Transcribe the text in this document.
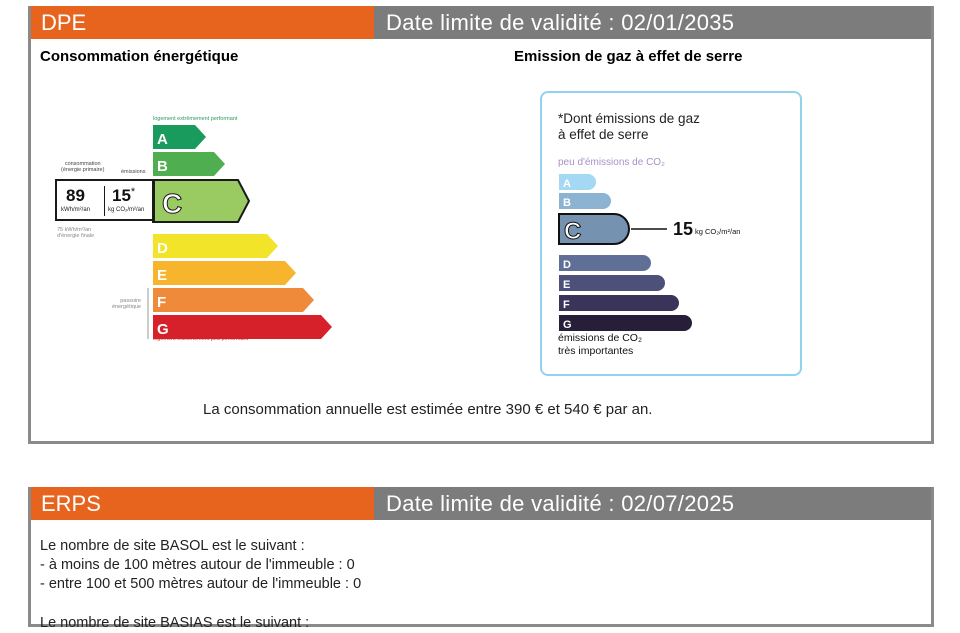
DPE	Date limite de validité : 02/01/2035
Consommation énergétique	Emission de gaz à effet de serre
logement extrêmement performant
A
B
C
D
E
F
G
logement extrêmement peu performant
consommation
(énergie primaire)	émissions
89
kWh/m²/an
15*
kg CO₂/m²/an
75 kWh/m²/an
d'énergie finale
passoire
énergétique
*Dont émissions de gaz
à effet de serre
peu d'émissions de CO₂
émissions de CO₂
très importantes
A
B
C	15 kg CO₂/m²/an
D
E
F
G
La consommation annuelle est estimée entre 390 € et 540 € par an.
ERPS	Date limite de validité : 02/07/2025
Le nombre de site BASOL est le suivant :
- à moins de 100 mètres autour de l'immeuble : 0
- entre 100 et 500 mètres autour de l'immeuble : 0
Le nombre de site BASIAS est le suivant :
